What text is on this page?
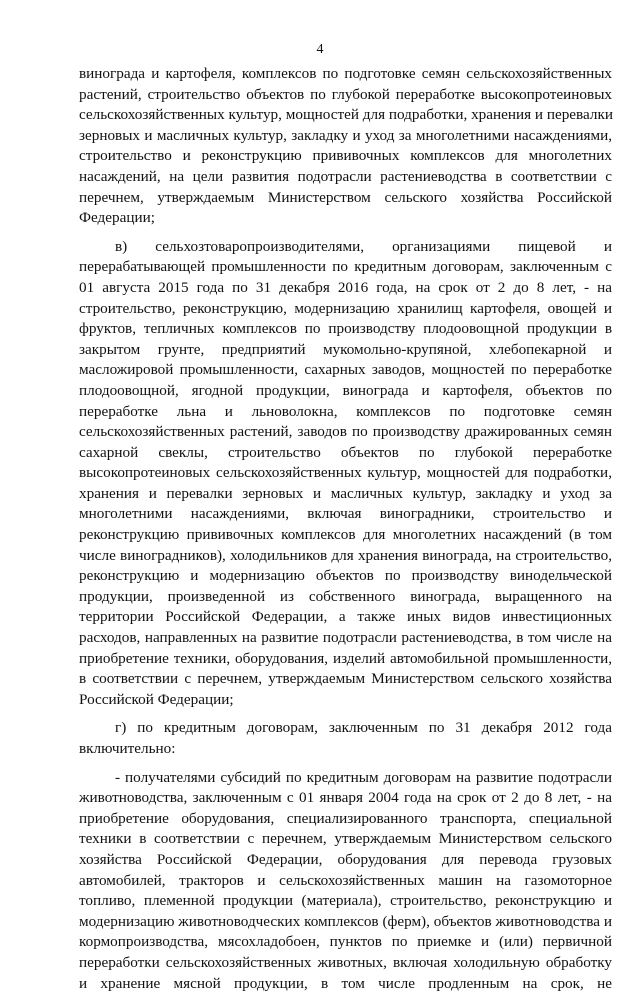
4
винограда и картофеля, комплексов по подготовке семян сельскохозяйственных
растений, строительство объектов по глубокой переработке высокопротеиновых
сельскохозяйственных культур, мощностей для подработки, хранения и перевалки
зерновых и масличных культур, закладку и уход за многолетними насаждениями,
строительство и реконструкцию прививочных комплексов для многолетних
насаждений, на цели развития подотрасли растениеводства в соответствии с
перечнем, утверждаемым Министерством сельского хозяйства Российской
Федерации;
в) сельхозтоваропроизводителями, организациями пищевой и
перерабатывающей промышленности по кредитным договорам, заключенным с
01 августа 2015 года по 31 декабря 2016 года, на срок от 2 до 8 лет, - на
строительство, реконструкцию, модернизацию хранилищ картофеля, овощей и
фруктов, тепличных комплексов по производству плодоовощной продукции в
закрытом грунте, предприятий мукомольно-крупяной, хлебопекарной и
масложировой промышленности, сахарных заводов, мощностей по переработке
плодоовощной, ягодной продукции, винограда и картофеля, объектов по
переработке льна и льноволокна, комплексов по подготовке семян
сельскохозяйственных растений, заводов по производству дражированных семян
сахарной свеклы, строительство объектов по глубокой переработке
высокопротеиновых сельскохозяйственных культур, мощностей для подработки,
хранения и перевалки зерновых и масличных культур, закладку и уход за
многолетними насаждениями, включая виноградники, строительство и
реконструкцию прививочных комплексов для многолетних насаждений (в том
числе виноградников), холодильников для хранения винограда, на строительство,
реконструкцию и модернизацию объектов по производству винодельческой
продукции, произведенной из собственного винограда, выращенного на
территории Российской Федерации, а также иных видов инвестиционных
расходов, направленных на развитие подотрасли растениеводства, в том числе на
приобретение техники, оборудования, изделий автомобильной промышленности,
в соответствии с перечнем, утверждаемым Министерством сельского хозяйства
Российской Федерации;
г) по кредитным договорам, заключенным по 31 декабря 2012 года
включительно:
- получателями субсидий по кредитным договорам на развитие подотрасли
животноводства, заключенным с 01 января 2004 года на срок от 2 до 8 лет, - на
приобретение оборудования, специализированного транспорта, специальной
техники в соответствии с перечнем, утверждаемым Министерством сельского
хозяйства Российской Федерации, оборудования для перевода грузовых
автомобилей, тракторов и сельскохозяйственных машин на газомоторное
топливо, племенной продукции (материала), строительство, реконструкцию и
модернизацию животноводческих комплексов (ферм), объектов животноводства и
кормопроизводства, мясохладобоен, пунктов по приемке и (или) первичной
переработки сельскохозяйственных животных, включая холодильную обработку
и хранение мясной продукции, в том числе продленным на срок, не
